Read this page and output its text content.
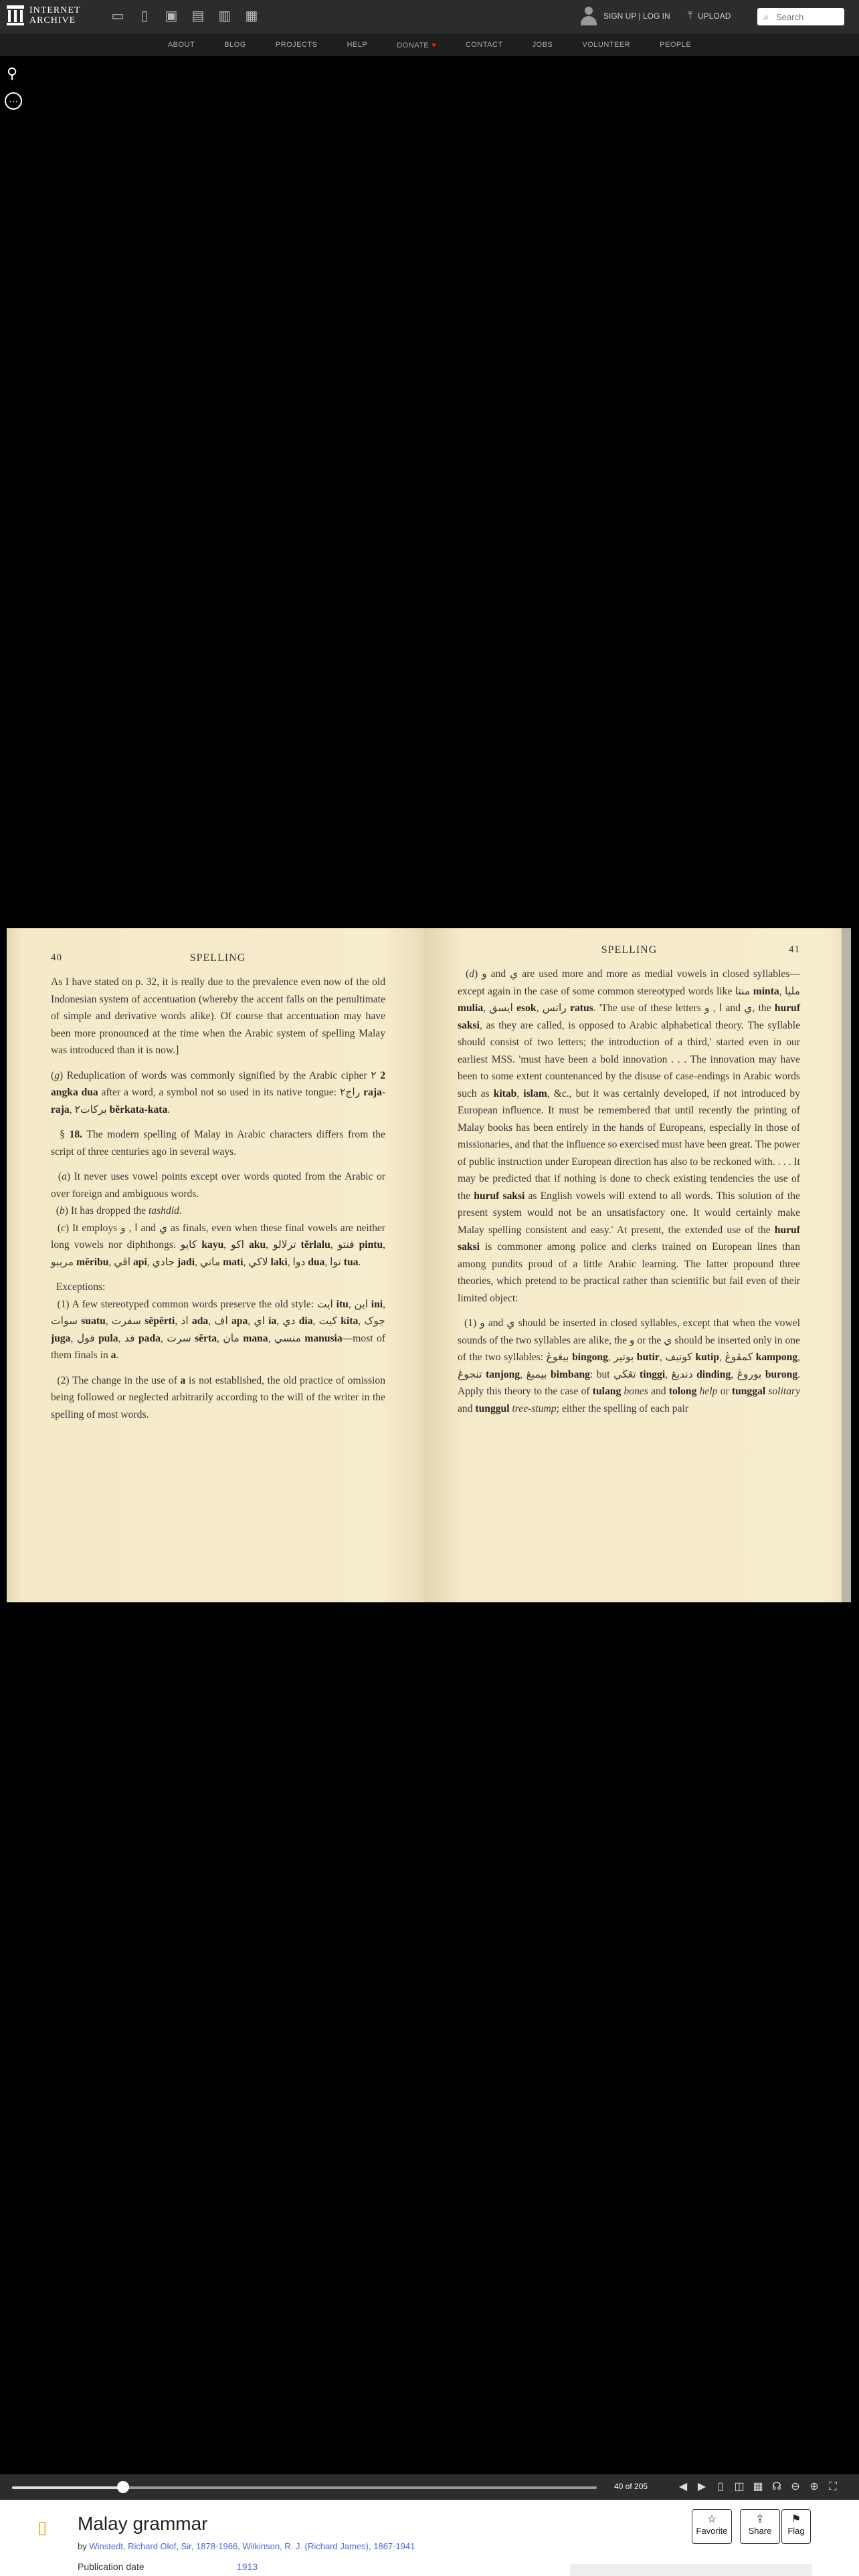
INTERNET
ARCHIVE	▭	▯	▣ ▤ ▥ ▦	SIGN UP | LOG IN ⤒ UPLOAD	⌕
Search
ABOUT	BLOG	PROJECTS	HELP	DONATE ♥	CONTACT	JOBS	VOLUNTEER	PEOPLE
⚲
⋯
40	SPELLING

As I have stated on p. 32, it is really due to the prevalence even now of the old Indonesian system of accentuation (whereby the accent falls on the penultimate of simple and derivative words alike). Of course that accentuation may have been more pronounced at the time when the Arabic system of spelling Malay was introduced than it is now.]

(g) Reduplication of words was commonly signified by the Arabic cipher ٢ 2 angka dua after a word, a symbol not so used in its native tongue: راج٢ raja-raja, برکات٢ bĕrkata-kata.

§ 18. The modern spelling of Malay in Arabic characters differs from the script of three centuries ago in several ways.

(a) It never uses vowel points except over words quoted from the Arabic or over foreign and ambiguous words.

(b) It has dropped the tashdid.

(c) It employs ا , و and ي as finals, even when these final vowels are neither long vowels nor diphthongs. کايو kayu, اکو aku, ترلالو tĕrlalu, فنتو pintu, مريبو mĕribu, اڤي api, جادي jadi, ماتي mati, لاکي laki, دوا dua, توا tua.

Exceptions:

(1) A few stereotyped common words preserve the old style: ايت itu, اين ini, سوات suatu, سفرت sĕpĕrti, اد ada, اف apa, اي ia, دي dia, کيت kita, جوک juga, فول pula, فد pada, سرت sĕrta, مان mana, منسي manusia—most of them finals in a.

(2) The change in the use of a is not established, the old practice of omission being followed or neglected arbitrarily according to the will of the writer in the spelling of most words.

SPELLING	41

(d) و and ي are used more and more as medial vowels in closed syllables—except again in the case of some common stereotyped words like منتا minta, مليا mulia, ايسق esok, راتس ratus. 'The use of these letters ا , و and ي, the huruf saksi, as they are called, is opposed to Arabic alphabetical theory. The syllable should consist of two letters; the introduction of a third,' started even in our earliest MSS. 'must have been a bold innovation . . . The innovation may have been to some extent countenanced by the disuse of case-endings in Arabic words such as kitab, islam, &c., but it was certainly developed, if not introduced by European influence. It must be remembered that until recently the printing of Malay books has been entirely in the hands of Europeans, especially in those of missionaries, and that the influence so exercised must have been great. The power of public instruction under European direction has also to be reckoned with. . . . It may be predicted that if nothing is done to check existing tendencies the use of the huruf saksi as English vowels will extend to all words. This solution of the present system would not be an unsatisfactory one. It would certainly make Malay spelling consistent and easy.' At present, the extended use of the huruf saksi is commoner among police and clerks trained on European lines than among pundits proud of a little Arabic learning. The latter propound three theories, which pretend to be practical rather than scientific but fail even of their limited object:

(1) و and ي should be inserted in closed syllables, except that when the vowel sounds of the two syllables are alike, the و or the ي should be inserted only in one of the two syllables: بيڠوڠ bingong, بوتير butir, کوتيف kutip, کمڤوڠ kampong, تنجوڠ tanjong, بيمبڠ bimbang: but تڠڬي tinggi, دندیڠ dinding, بوروڠ burong. Apply this theory to the case of tulang bones and tolong help or tunggal solitary and tunggul tree-stump; either the spelling of each pair

40 of 205	◀ ▶ ▯ ◫ ▦ ☊ ⊖ ⊕ ⛶
▯ Malay grammar
by Winstedt, Richard Olof, Sir, 1878-1966, Wilkinson, R. J. (Richard James), 1867-1941
Publication date	1913
☆
Favorite
⇪
Share
⚑
Flag
